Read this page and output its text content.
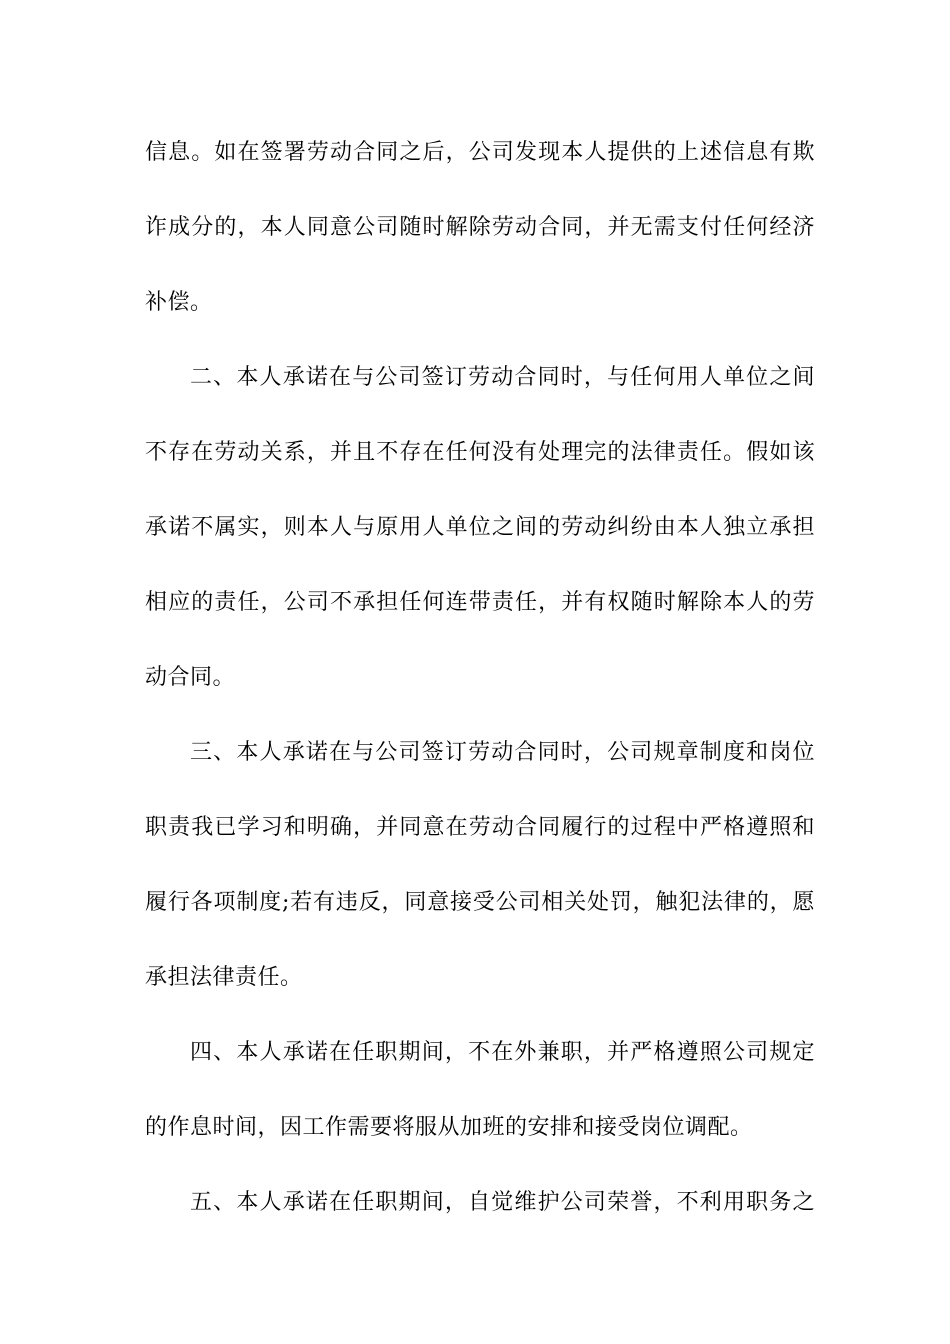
信息。如在签署劳动合同之后，公司发现本人提供的上述信息有欺
诈成分的，本人同意公司随时解除劳动合同，并无需支付任何经济
补偿。
二、本人承诺在与公司签订劳动合同时，与任何用人单位之间
不存在劳动关系，并且不存在任何没有处理完的法律责任。假如该
承诺不属实，则本人与原用人单位之间的劳动纠纷由本人独立承担
相应的责任，公司不承担任何连带责任，并有权随时解除本人的劳
动合同。
三、本人承诺在与公司签订劳动合同时，公司规章制度和岗位
职责我已学习和明确，并同意在劳动合同履行的过程中严格遵照和
履行各项制度;若有违反，同意接受公司相关处罚，触犯法律的，愿
承担法律责任。
四、本人承诺在任职期间，不在外兼职，并严格遵照公司规定
的作息时间，因工作需要将服从加班的安排和接受岗位调配。
五、本人承诺在任职期间，自觉维护公司荣誉，不利用职务之
